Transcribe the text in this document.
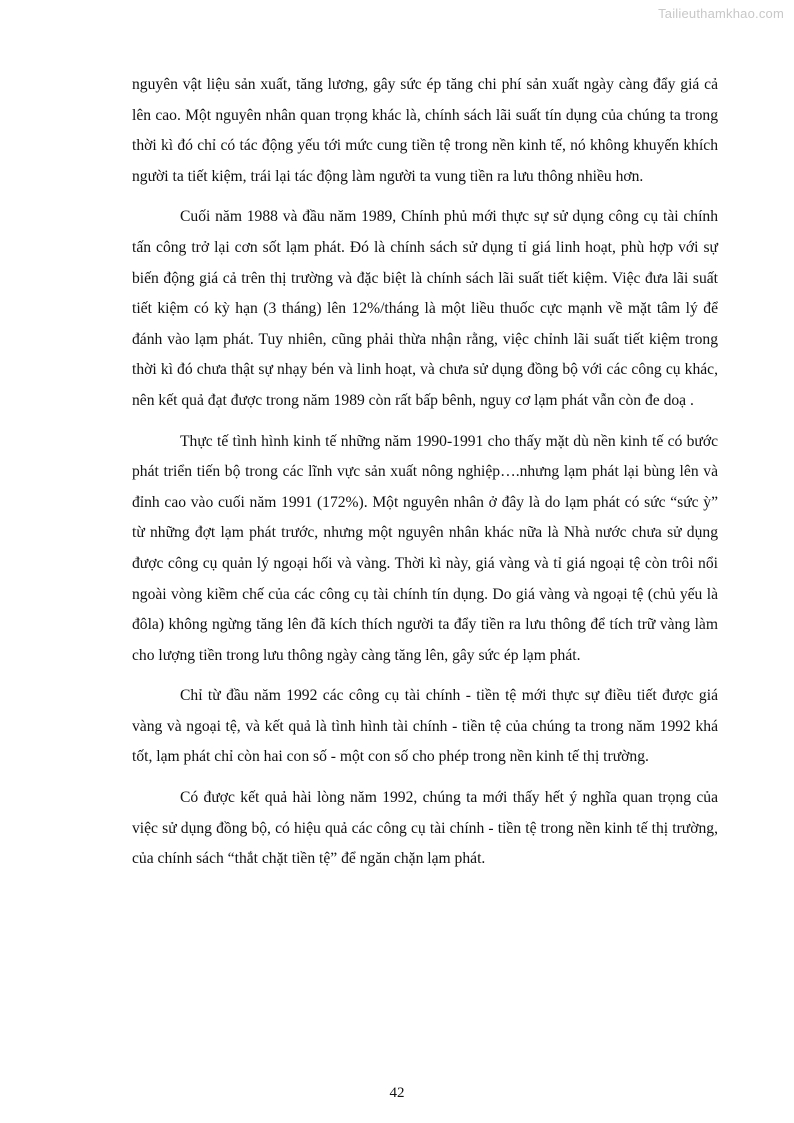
Tailieuthamkhao.com

nguyên vật liệu sản xuất, tăng lương, gây sức ép tăng chi phí sản xuất ngày càng đẩy giá cả lên cao. Một nguyên nhân quan trọng khác là, chính sách lãi suất tín dụng của chúng ta trong thời kì đó chỉ có tác động yếu tới mức cung tiền tệ trong nền kinh tế, nó không khuyến khích người ta tiết kiệm, trái lại tác động làm người ta vung tiền ra lưu thông nhiều hơn.

Cuối năm 1988 và đầu năm 1989, Chính phủ mới thực sự sử dụng công cụ tài chính tấn công trở lại cơn sốt lạm phát. Đó là chính sách sử dụng tỉ giá linh hoạt, phù hợp với sự biến động giá cả trên thị trường và đặc biệt là chính sách lãi suất tiết kiệm. Việc đưa lãi suất tiết kiệm có kỳ hạn (3 tháng) lên 12%/tháng là một liều thuốc cực mạnh về mặt tâm lý để đánh vào lạm phát. Tuy nhiên, cũng phải thừa nhận rằng, việc chỉnh lãi suất tiết kiệm trong thời kì đó chưa thật sự nhạy bén và linh hoạt, và chưa sử dụng đồng bộ với các công cụ khác, nên kết quả đạt được trong năm 1989 còn rất bấp bênh, nguy cơ lạm phát vẫn còn đe doạ .

Thực tế tình hình kinh tế những năm 1990-1991 cho thấy mặt dù nền kinh tế có bước phát triển tiến bộ trong các lĩnh vực sản xuất nông nghiệp….nhưng lạm phát lại bùng lên và đỉnh cao vào cuối năm 1991 (172%). Một nguyên nhân ở đây là do lạm phát có sức “sức ỳ” từ những đợt lạm phát trước, nhưng một nguyên nhân khác nữa là Nhà nước chưa sử dụng được công cụ quản lý ngoại hối và vàng. Thời kì này, giá vàng và tỉ giá ngoại tệ còn trôi nổi ngoài vòng kiềm chế của các công cụ tài chính tín dụng. Do giá vàng và ngoại tệ (chủ yếu là đôla) không ngừng tăng lên đã kích thích người ta đẩy tiền ra lưu thông để tích trữ vàng làm cho lượng tiền trong lưu thông ngày càng tăng lên, gây sức ép lạm phát.

Chỉ từ đầu năm 1992 các công cụ tài chính - tiền tệ mới thực sự điều tiết được giá vàng và ngoại tệ, và kết quả là tình hình tài chính - tiền tệ của chúng ta trong năm 1992 khá tốt, lạm phát chỉ còn hai con số - một con số cho phép trong nền kinh tế thị trường.

Có được kết quả hài lòng năm 1992, chúng ta mới thấy hết ý nghĩa quan trọng của việc sử dụng đồng bộ, có hiệu quả các công cụ tài chính - tiền tệ trong nền kinh tế thị trường, của chính sách “thắt chặt tiền tệ” để ngăn chặn lạm phát.

42
